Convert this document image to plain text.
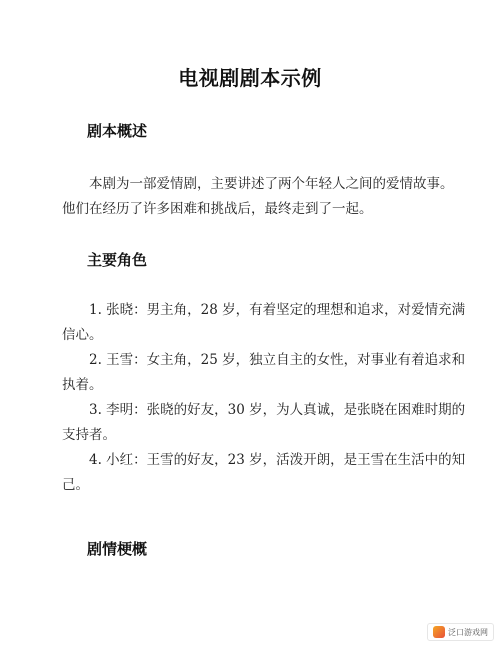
电视剧剧本示例
剧本概述
　　本剧为一部爱情剧，主要讲述了两个年轻人之间的爱情故事。
他们在经历了许多困难和挑战后，最终走到了一起。
主要角色
　　1. 张晓：男主角，28 岁，有着坚定的理想和追求，对爱情充满
信心。
　　2. 王雪：女主角，25 岁，独立自主的女性，对事业有着追求和
执着。
　　3. 李明：张晓的好友，30 岁，为人真诚，是张晓在困难时期的
支持者。
　　4. 小红：王雪的好友，23 岁，活泼开朗，是王雪在生活中的知
己。
剧情梗概
泛口游戏网
